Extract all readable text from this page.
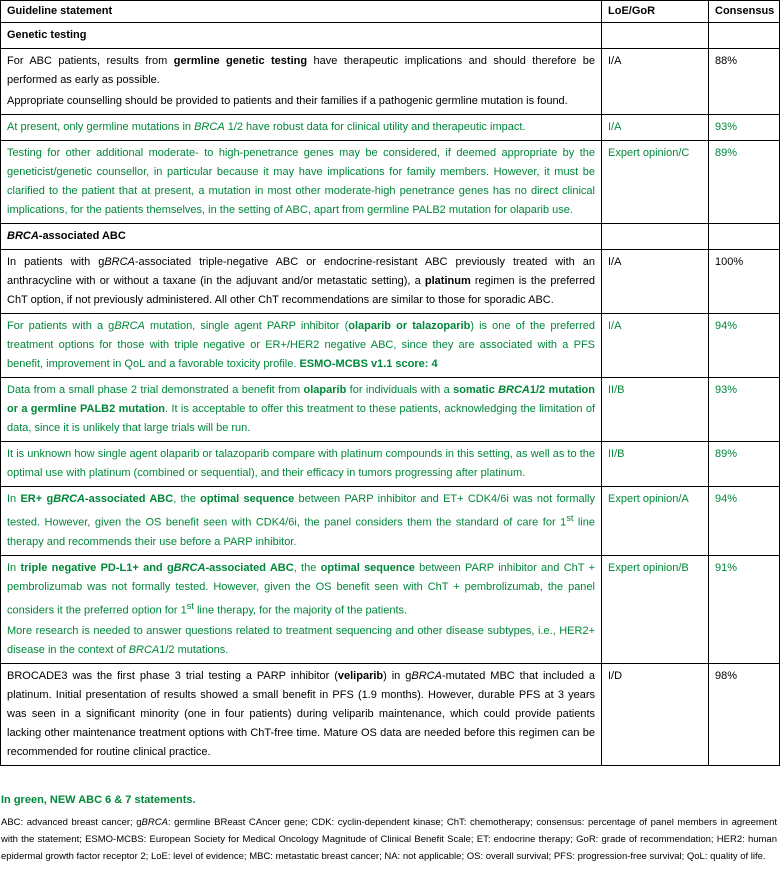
Guideline statement	LoE/GoR	Consensus
Genetic testing		

For ABC patients, results from germline genetic testing have therapeutic implications and should therefore be performed as early as possible.
Appropriate counselling should be provided to patients and their families if a pathogenic germline mutation is found.	I/A	88%
At present, only germline mutations in BRCA 1/2 have robust data for clinical utility and therapeutic impact.	I/A	93%
Testing for other additional moderate- to high-penetrance genes may be considered, if deemed appropriate by the geneticist/genetic counsellor, in particular because it may have implications for family members. However, it must be clarified to the patient that at present, a mutation in most other moderate-high penetrance genes has no direct clinical implications, for the patients themselves, in the setting of ABC, apart from germline PALB2 mutation for olaparib use.	Expert opinion/C	89%
BRCA-associated ABC		
In patients with gBRCA-associated triple-negative ABC or endocrine-resistant ABC previously treated with an anthracycline with or without a taxane (in the adjuvant and/or metastatic setting), a platinum regimen is the preferred ChT option, if not previously administered. All other ChT recommendations are similar to those for sporadic ABC.	I/A	100%
For patients with a gBRCA mutation, single agent PARP inhibitor (olaparib or talazoparib) is one of the preferred treatment options for those with triple negative or ER+/HER2 negative ABC, since they are associated with a PFS benefit, improvement in QoL and a favorable toxicity profile. ESMO-MCBS v1.1 score: 4	I/A	94%
Data from a small phase 2 trial demonstrated a benefit from olaparib for individuals with a somatic BRCA1/2 mutation or a germline PALB2 mutation. It is acceptable to offer this treatment to these patients, acknowledging the limitation of data, since it is unlikely that large trials will be run.	II/B	93%
It is unknown how single agent olaparib or talazoparib compare with platinum compounds in this setting, as well as to the optimal use with platinum (combined or sequential), and their efficacy in tumors progressing after platinum.	II/B	89%
In ER+ gBRCA-associated ABC, the optimal sequence between PARP inhibitor and ET+ CDK4/6i was not formally tested. However, given the OS benefit seen with CDK4/6i, the panel considers them the standard of care for 1st line therapy and recommends their use before a PARP inhibitor.	Expert opinion/A	94%

In triple negative PD-L1+ and gBRCA-associated ABC, the optimal sequence between PARP inhibitor and ChT + pembrolizumab was not formally tested. However, given the OS benefit seen with ChT + pembrolizumab, the panel considers it the preferred option for 1st line therapy, for the majority of the patients.
More research is needed to answer questions related to treatment sequencing and other disease subtypes, i.e., HER2+ disease in the context of BRCA1/2 mutations.	Expert opinion/B	91%
BROCADE3 was the first phase 3 trial testing a PARP inhibitor (veliparib) in gBRCA-mutated MBC that included a platinum. Initial presentation of results showed a small benefit in PFS (1.9 months). However, durable PFS at 3 years was seen in a significant minority (one in four patients) during veliparib maintenance, which could provide patients lacking other maintenance treatment options with ChT-free time. Mature OS data are needed before this regimen can be recommended for routine clinical practice.	I/D	98%
In green, NEW ABC 6 & 7 statements.
ABC: advanced breast cancer; gBRCA: germline BReast CAncer gene; CDK: cyclin-dependent kinase; ChT: chemotherapy; consensus: percentage of panel members in agreement with the statement; ESMO-MCBS: European Society for Medical Oncology Magnitude of Clinical Benefit Scale; ET: endocrine therapy; GoR: grade of recommendation; HER2: human epidermal growth factor receptor 2; LoE: level of evidence; MBC: metastatic breast cancer; NA: not applicable; OS: overall survival; PFS: progression-free survival; QoL: quality of life.
